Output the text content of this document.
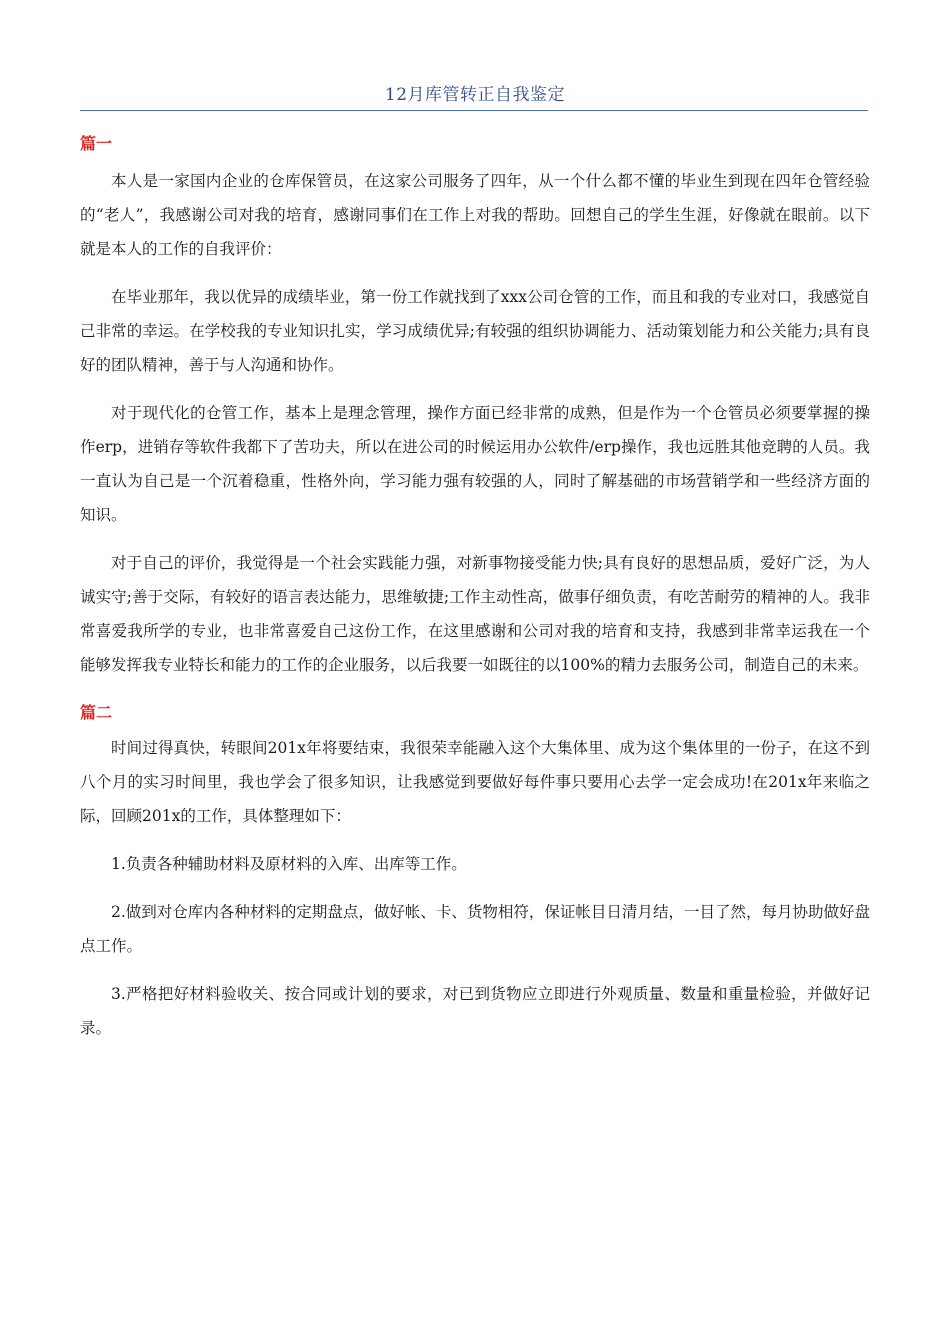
12月库管转正自我鉴定
篇一

本人是一家国内企业的仓库保管员，在这家公司服务了四年，从一个什么都不懂的毕业生到现在四年仓管经验的“老人”，我感谢公司对我的培育，感谢同事们在工作上对我的帮助。回想自己的学生生涯，好像就在眼前。以下就是本人的工作的自我评价：

在毕业那年，我以优异的成绩毕业，第一份工作就找到了xxx公司仓管的工作，而且和我的专业对口，我感觉自己非常的幸运。在学校我的专业知识扎实，学习成绩优异;有较强的组织协调能力、活动策划能力和公关能力;具有良好的团队精神，善于与人沟通和协作。

对于现代化的仓管工作，基本上是理念管理，操作方面已经非常的成熟，但是作为一个仓管员必须要掌握的操作erp，进销存等软件我都下了苦功夫，所以在进公司的时候运用办公软件/erp操作，我也远胜其他竞聘的人员。我一直认为自己是一个沉着稳重，性格外向，学习能力强有较强的人，同时了解基础的市场营销学和一些经济方面的知识。

对于自己的评价，我觉得是一个社会实践能力强，对新事物接受能力快;具有良好的思想品质，爱好广泛，为人诚实守;善于交际，有较好的语言表达能力，思维敏捷;工作主动性高，做事仔细负责，有吃苦耐劳的精神的人。我非常喜爱我所学的专业，也非常喜爱自己这份工作，在这里感谢和公司对我的培育和支持，我感到非常幸运我在一个能够发挥我专业特长和能力的工作的企业服务，以后我要一如既往的以100%的精力去服务公司，制造自己的未来。

篇二

时间过得真快，转眼间201x年将要结束，我很荣幸能融入这个大集体里、成为这个集体里的一份子，在这不到八个月的实习时间里，我也学会了很多知识，让我感觉到要做好每件事只要用心去学一定会成功!在201x年来临之际，回顾201x的工作，具体整理如下：

1.负责各种辅助材料及原材料的入库、出库等工作。

2.做到对仓库内各种材料的定期盘点，做好帐、卡、货物相符，保证帐目日清月结，一目了然，每月协助做好盘点工作。

3.严格把好材料验收关、按合同或计划的要求，对已到货物应立即进行外观质量、数量和重量检验，并做好记录。
